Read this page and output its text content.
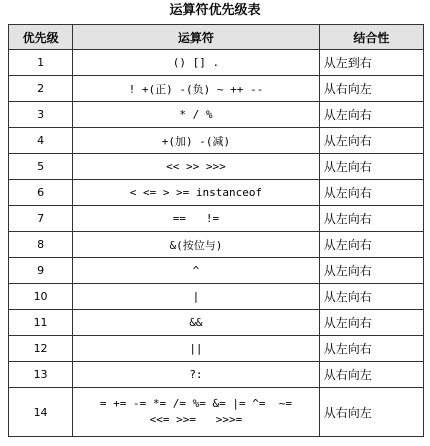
运算符优先级表
优先级	运算符	结合性
1	() [] .	从左到右
2	! +(正) -(负) ~ ++ --	从右向左
3	* / %	从左向右
4	+(加) -(减)	从左向右
5	<< >> >>>	从左向右
6	< <= > >= instanceof	从左向右
7	==   !=	从左向右
8	&(按位与)	从左向右
9	^	从左向右
10	|	从左向右
11	&&	从左向右
12	||	从左向右
13	?:	从右向左
14	= += -= *= /= %= &= |= ^=  ~=
<<= >>=   >>>=	从右向左
